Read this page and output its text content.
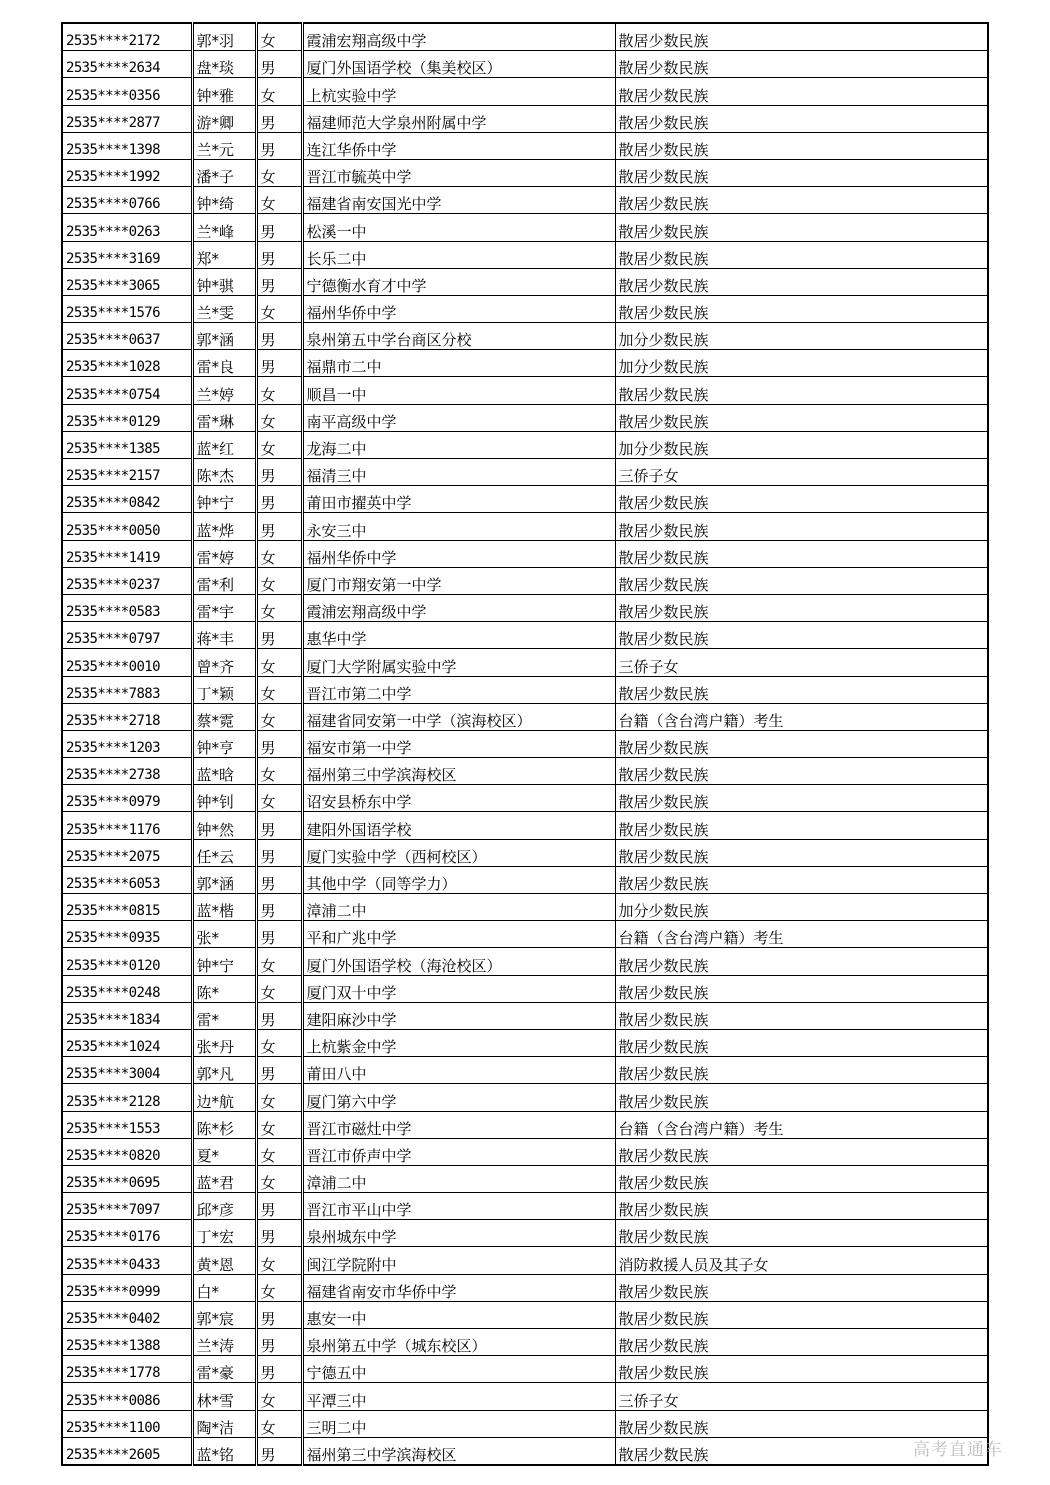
2535****2172	郭*羽	女	霞浦宏翔高级中学	散居少数民族
2535****2634	盘*琰	男	厦门外国语学校（集美校区）	散居少数民族
2535****0356	钟*雅	女	上杭实验中学	散居少数民族
2535****2877	游*卿	男	福建师范大学泉州附属中学	散居少数民族
2535****1398	兰*元	男	连江华侨中学	散居少数民族
2535****1992	潘*子	女	晋江市毓英中学	散居少数民族
2535****0766	钟*绮	女	福建省南安国光中学	散居少数民族
2535****0263	兰*峰	男	松溪一中	散居少数民族
2535****3169	郑*	男	长乐二中	散居少数民族
2535****3065	钟*骐	男	宁德衡水育才中学	散居少数民族
2535****1576	兰*雯	女	福州华侨中学	散居少数民族
2535****0637	郭*涵	男	泉州第五中学台商区分校	加分少数民族
2535****1028	雷*良	男	福鼎市二中	加分少数民族
2535****0754	兰*婷	女	顺昌一中	散居少数民族
2535****0129	雷*琳	女	南平高级中学	散居少数民族
2535****1385	蓝*红	女	龙海二中	加分少数民族
2535****2157	陈*杰	男	福清三中	三侨子女
2535****0842	钟*宁	男	莆田市擢英中学	散居少数民族
2535****0050	蓝*烨	男	永安三中	散居少数民族
2535****1419	雷*婷	女	福州华侨中学	散居少数民族
2535****0237	雷*利	女	厦门市翔安第一中学	散居少数民族
2535****0583	雷*宇	女	霞浦宏翔高级中学	散居少数民族
2535****0797	蒋*丰	男	惠华中学	散居少数民族
2535****0010	曾*齐	女	厦门大学附属实验中学	三侨子女
2535****7883	丁*颖	女	晋江市第二中学	散居少数民族
2535****2718	蔡*霓	女	福建省同安第一中学（滨海校区）	台籍（含台湾户籍）考生
2535****1203	钟*亨	男	福安市第一中学	散居少数民族
2535****2738	蓝*晗	女	福州第三中学滨海校区	散居少数民族
2535****0979	钟*钊	女	诏安县桥东中学	散居少数民族
2535****1176	钟*然	男	建阳外国语学校	散居少数民族
2535****2075	任*云	男	厦门实验中学（西柯校区）	散居少数民族
2535****6053	郭*涵	男	其他中学（同等学力）	散居少数民族
2535****0815	蓝*楷	男	漳浦二中	加分少数民族
2535****0935	张*	男	平和广兆中学	台籍（含台湾户籍）考生
2535****0120	钟*宁	女	厦门外国语学校（海沧校区）	散居少数民族
2535****0248	陈*	女	厦门双十中学	散居少数民族
2535****1834	雷*	男	建阳麻沙中学	散居少数民族
2535****1024	张*丹	女	上杭紫金中学	散居少数民族
2535****3004	郭*凡	男	莆田八中	散居少数民族
2535****2128	边*航	女	厦门第六中学	散居少数民族
2535****1553	陈*杉	女	晋江市磁灶中学	台籍（含台湾户籍）考生
2535****0820	夏*	女	晋江市侨声中学	散居少数民族
2535****0695	蓝*君	女	漳浦二中	散居少数民族
2535****7097	邱*彦	男	晋江市平山中学	散居少数民族
2535****0176	丁*宏	男	泉州城东中学	散居少数民族
2535****0433	黄*恩	女	闽江学院附中	消防救援人员及其子女
2535****0999	白*	女	福建省南安市华侨中学	散居少数民族
2535****0402	郭*宸	男	惠安一中	散居少数民族
2535****1388	兰*涛	男	泉州第五中学（城东校区）	散居少数民族
2535****1778	雷*豪	男	宁德五中	散居少数民族
2535****0086	林*雪	女	平潭三中	三侨子女
2535****1100	陶*洁	女	三明二中	散居少数民族
2535****2605	蓝*铭	男	福州第三中学滨海校区	散居少数民族	高考直通车
